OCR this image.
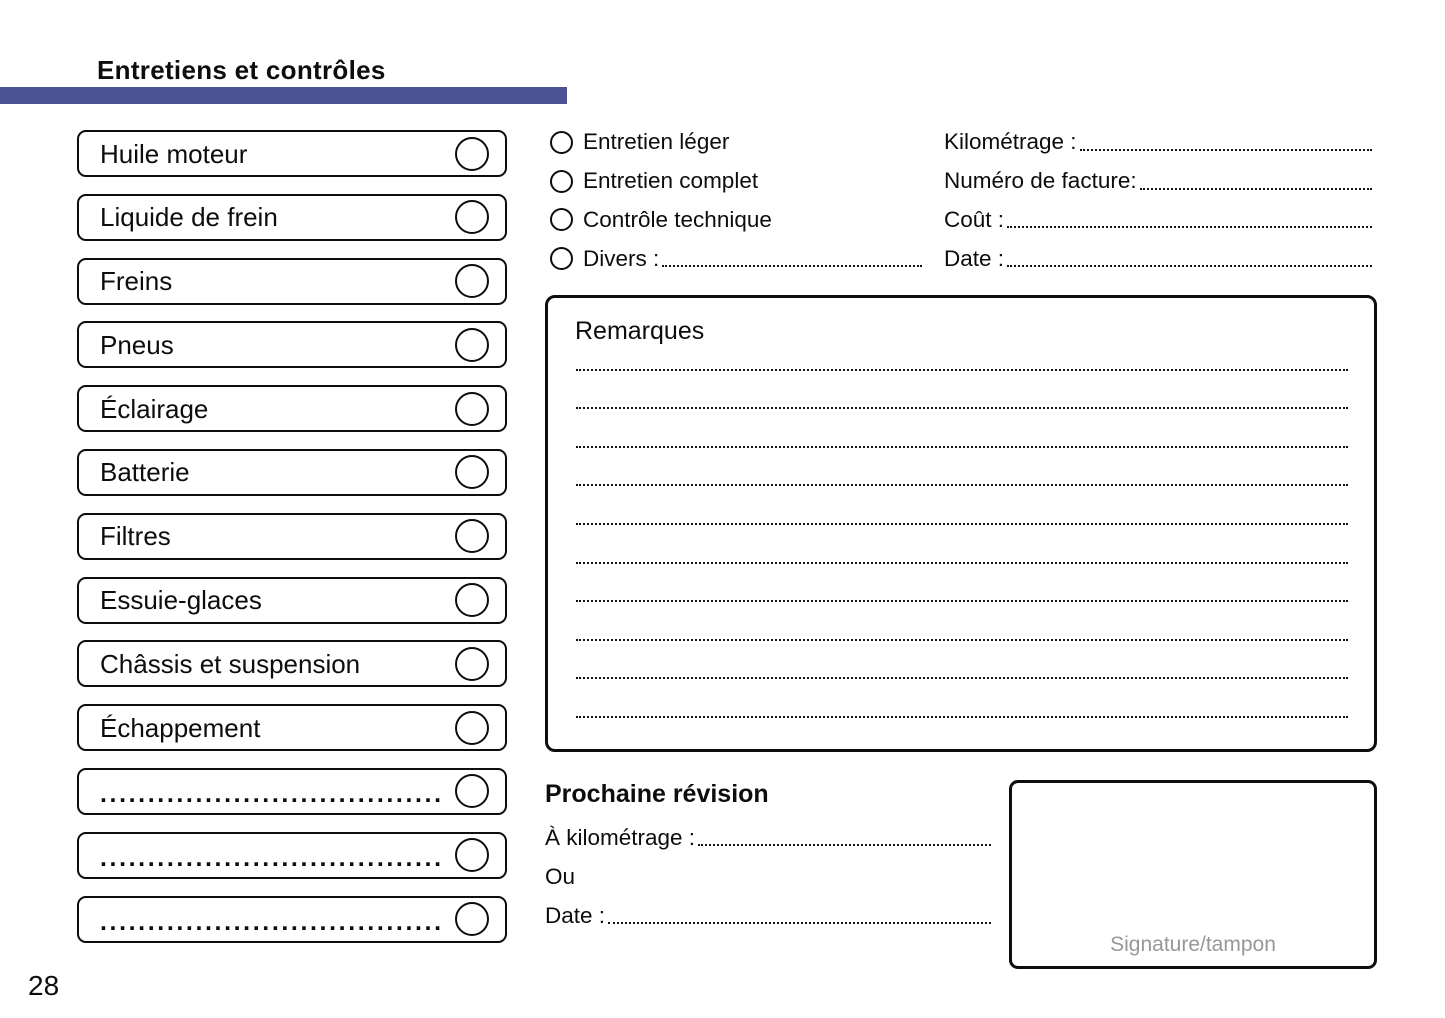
Entretiens et contrôles
Huile moteur
Liquide de frein
Freins
Pneus
Éclairage
Batterie
Filtres
Essuie-glaces
Châssis et suspension
Échappement
....................................
....................................
....................................
Entretien léger
Entretien complet
Contrôle technique
Divers :
Kilométrage :
Numéro de facture:
Coût :
Date :
Remarques
Prochaine révision
À kilométrage :
Ou
Date :
Signature/tampon
28
